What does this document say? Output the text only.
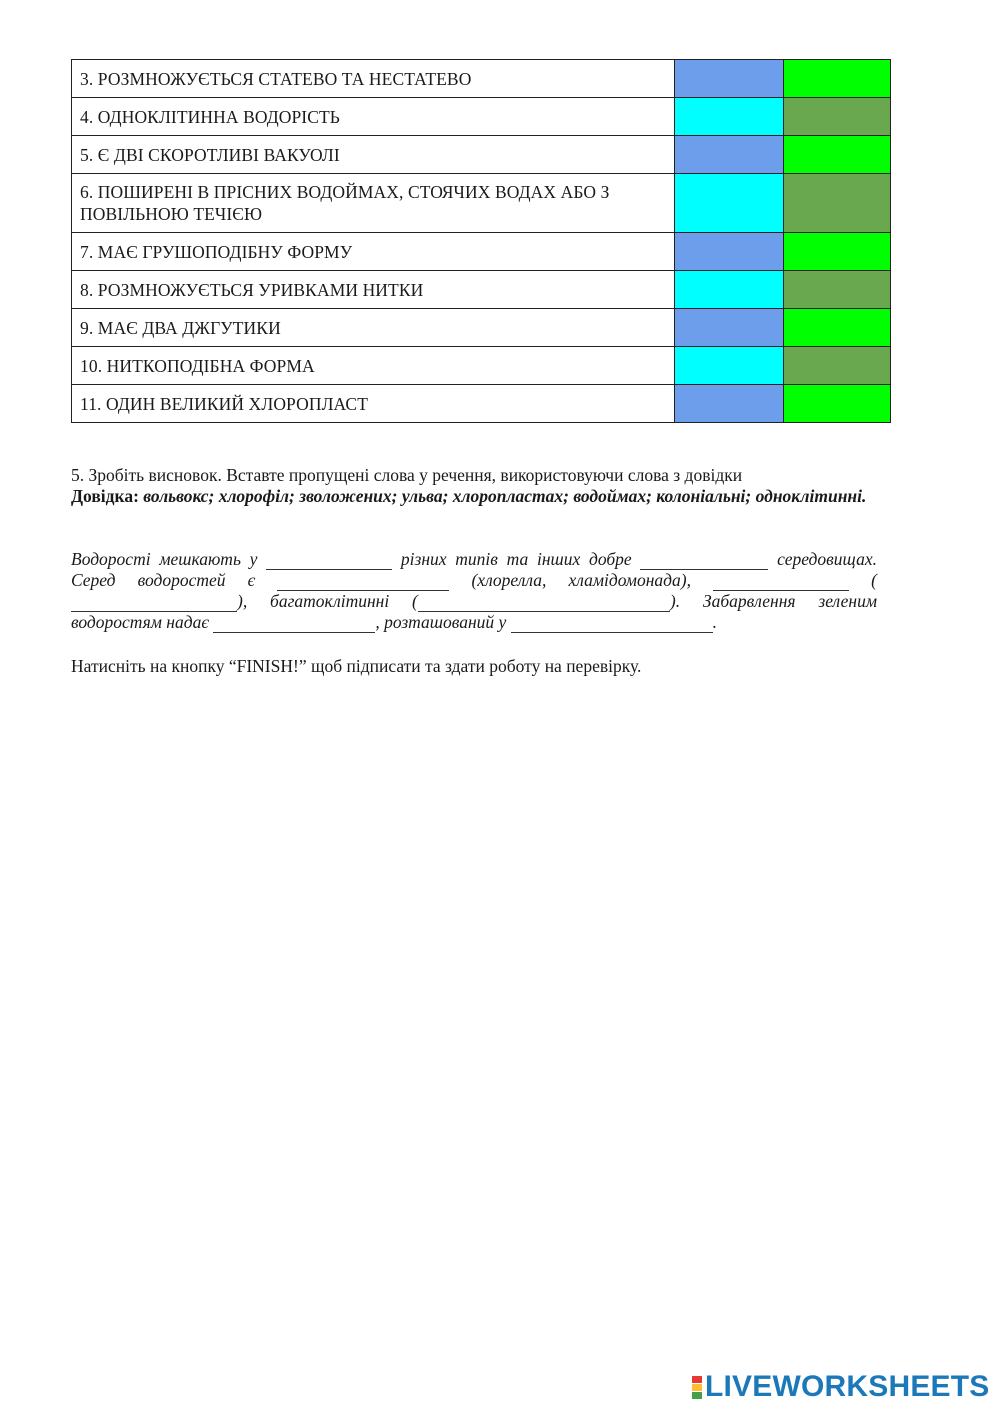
3. РОЗМНОЖУЄТЬСЯ СТАТЕВО ТА НЕСТАТЕВО		
4. ОДНОКЛІТИННА ВОДОРІСТЬ		
5. Є ДВІ СКОРОТЛИВІ ВАКУОЛІ		
6. ПОШИРЕНІ В ПРІСНИХ ВОДОЙМАХ, СТОЯЧИХ ВОДАХ АБО З ПОВІЛЬНОЮ ТЕЧІЄЮ		
7. МАЄ ГРУШОПОДІБНУ ФОРМУ		
8. РОЗМНОЖУЄТЬСЯ УРИВКАМИ НИТКИ		
9. МАЄ ДВА ДЖГУТИКИ		
10. НИТКОПОДІБНА ФОРМА		
11. ОДИН ВЕЛИКИЙ ХЛОРОПЛАСТ		
5. Зробіть висновок. Вставте пропущені слова у речення, використовуючи слова з довідки
Довідка: вольвокс; хлорофіл; зволожених; ульва; хлоропластах; водоймах; колоніальні; одноклітинні.
Водорості мешкають у	різних типів та інших добре	середовищах. Серед водоростей є	(хлорелла, хламідомонада),	(), багатоклітинні (	). Забарвлення зеленим водоростям надає	, розташований у	.
Натисніть на кнопку “FINISH!” щоб підписати та здати роботу на перевірку.
LIVEWORKSHEETS
